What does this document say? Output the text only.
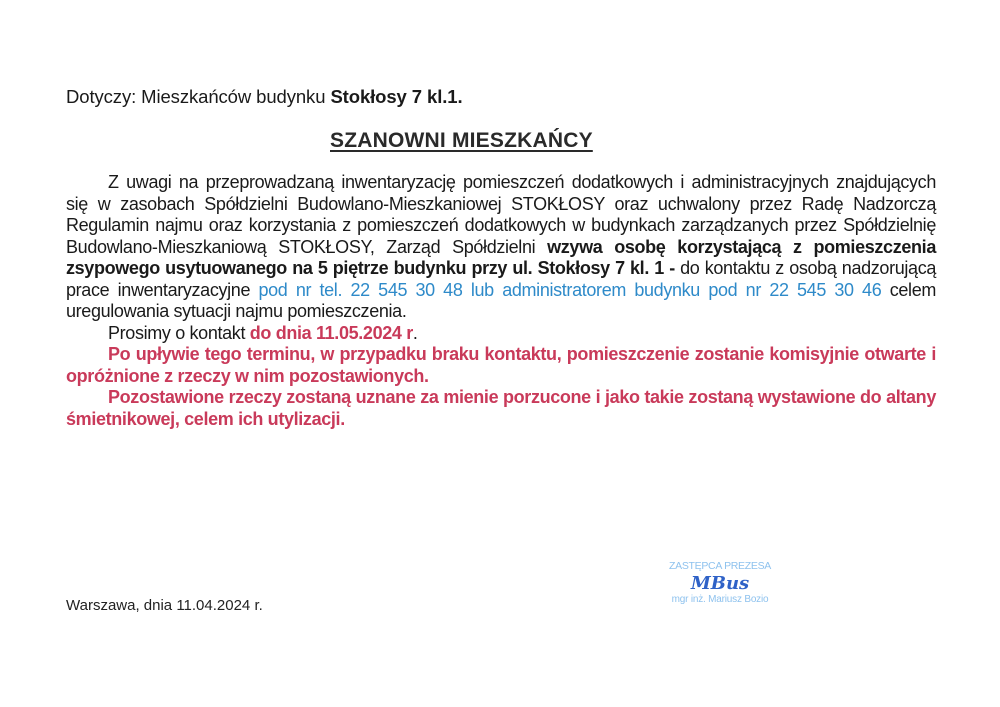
Dotyczy: Mieszkańców budynku Stokłosy 7 kl.1.
SZANOWNI MIESZKAŃCY

Z uwagi na przeprowadzaną inwentaryzację pomieszczeń dodatkowych i administracyjnych znajdujących się w zasobach Spółdzielni Budowlano-Mieszkaniowej STOKŁOSY oraz uchwalony przez Radę Nadzorczą Regulamin najmu oraz korzystania z pomieszczeń dodatkowych w budynkach zarządzanych przez Spółdzielnię Budowlano-Mieszkaniową STOKŁOSY, Zarząd Spółdzielni wzywa osobę korzystającą z pomieszczenia zsypowego usytuowanego na 5 piętrze budynku przy ul. Stokłosy 7 kl. 1 - do kontaktu z osobą nadzorującą prace inwentaryzacyjne pod nr tel. 22 545 30 48 lub administratorem budynku pod nr 22 545 30 46 celem uregulowania sytuacji najmu pomieszczenia.

Prosimy o kontakt do dnia 11.05.2024 r.

Po upływie tego terminu, w przypadku braku kontaktu, pomieszczenie zostanie komisyjnie otwarte i opróżnione z rzeczy w nim pozostawionych.

Pozostawione rzeczy zostaną uznane za mienie porzucone i jako takie zostaną wystawione do altany śmietnikowej, celem ich utylizacji.

Warszawa, dnia 11.04.2024 r.
ZASTĘPCA PREZESA
MBus
mgr inż. Mariusz Bozio
